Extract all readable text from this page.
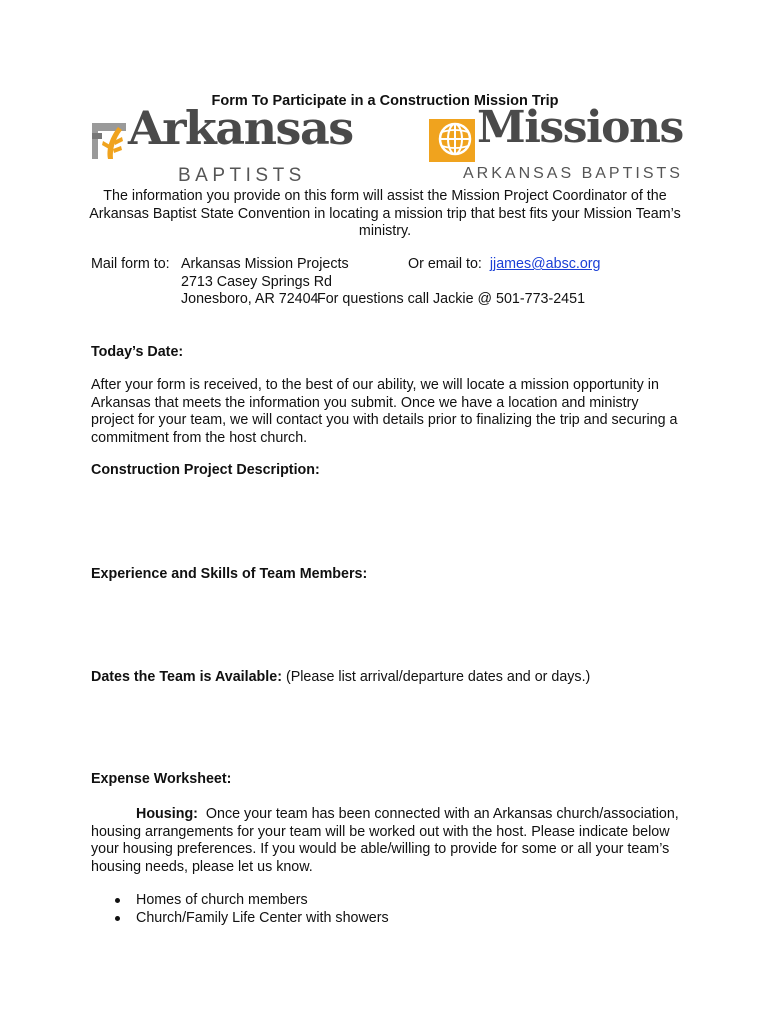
Form To Participate in a Construction Mission Trip
Arkansas
BAPTISTS
Missions
ARKANSAS BAPTISTS
The information you provide on this form will assist the Mission Project Coordinator of the Arkansas Baptist State Convention in locating a mission trip that best fits your Mission Team’s ministry.
Mail form to: Arkansas Mission Projects
2713 Casey Springs Rd
Jonesboro, AR 72404
Or email to: jjames@absc.org
For questions call Jackie @ 501-773-2451
Today’s Date:
After your form is received, to the best of our ability, we will locate a mission opportunity in Arkansas that meets the information you submit. Once we have a location and ministry project for your team, we will contact you with details prior to finalizing the trip and securing a commitment from the host church.
Construction Project Description:
Experience and Skills of Team Members:
Dates the Team is Available: (Please list arrival/departure dates and or days.)
Expense Worksheet:
Housing: Once your team has been connected with an Arkansas church/association, housing arrangements for your team will be worked out with the host. Please indicate below your housing preferences. If you would be able/willing to provide for some or all your team’s housing needs, please let us know.
Homes of church members
Church/Family Life Center with showers
